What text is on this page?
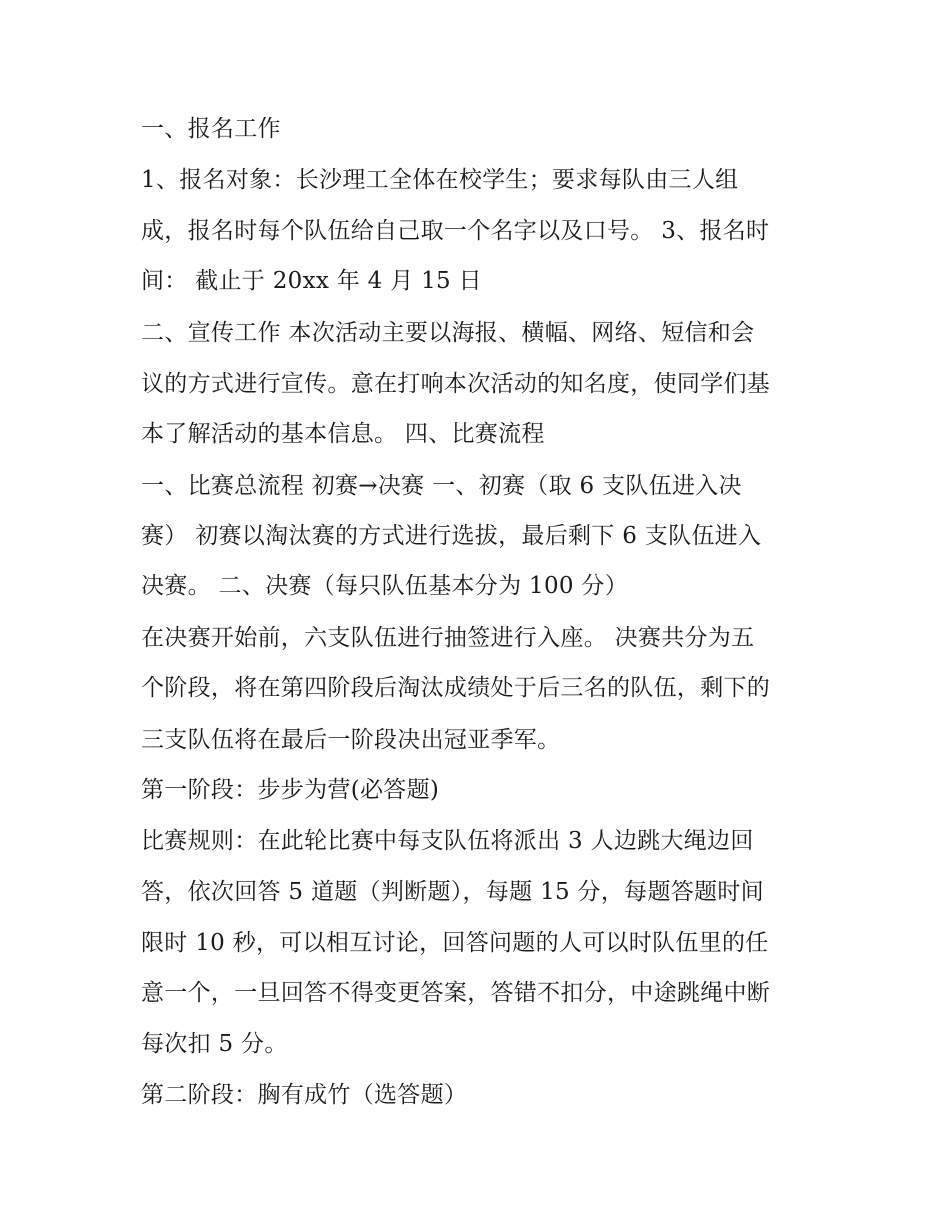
一、报名工作
1、报名对象：长沙理工全体在校学生；要求每队由三人组
成，报名时每个队伍给自己取一个名字以及口号。 3、报名时
间： 截止于 20xx 年 4 月 15 日
二、宣传工作 本次活动主要以海报、横幅、网络、短信和会
议的方式进行宣传。意在打响本次活动的知名度，使同学们基
本了解活动的基本信息。 四、比赛流程
一、比赛总流程 初赛→决赛 一、初赛（取 6 支队伍进入决
赛） 初赛以淘汰赛的方式进行选拔，最后剩下 6 支队伍进入
决赛。 二、决赛（每只队伍基本分为 100 分）
在决赛开始前，六支队伍进行抽签进行入座。 决赛共分为五
个阶段，将在第四阶段后淘汰成绩处于后三名的队伍，剩下的
三支队伍将在最后一阶段决出冠亚季军。
第一阶段：步步为营(必答题)
比赛规则：在此轮比赛中每支队伍将派出 3 人边跳大绳边回
答，依次回答 5 道题（判断题），每题 15 分，每题答题时间
限时 10 秒，可以相互讨论，回答问题的人可以时队伍里的任
意一个，一旦回答不得变更答案，答错不扣分，中途跳绳中断
每次扣 5 分。
第二阶段：胸有成竹（选答题）
